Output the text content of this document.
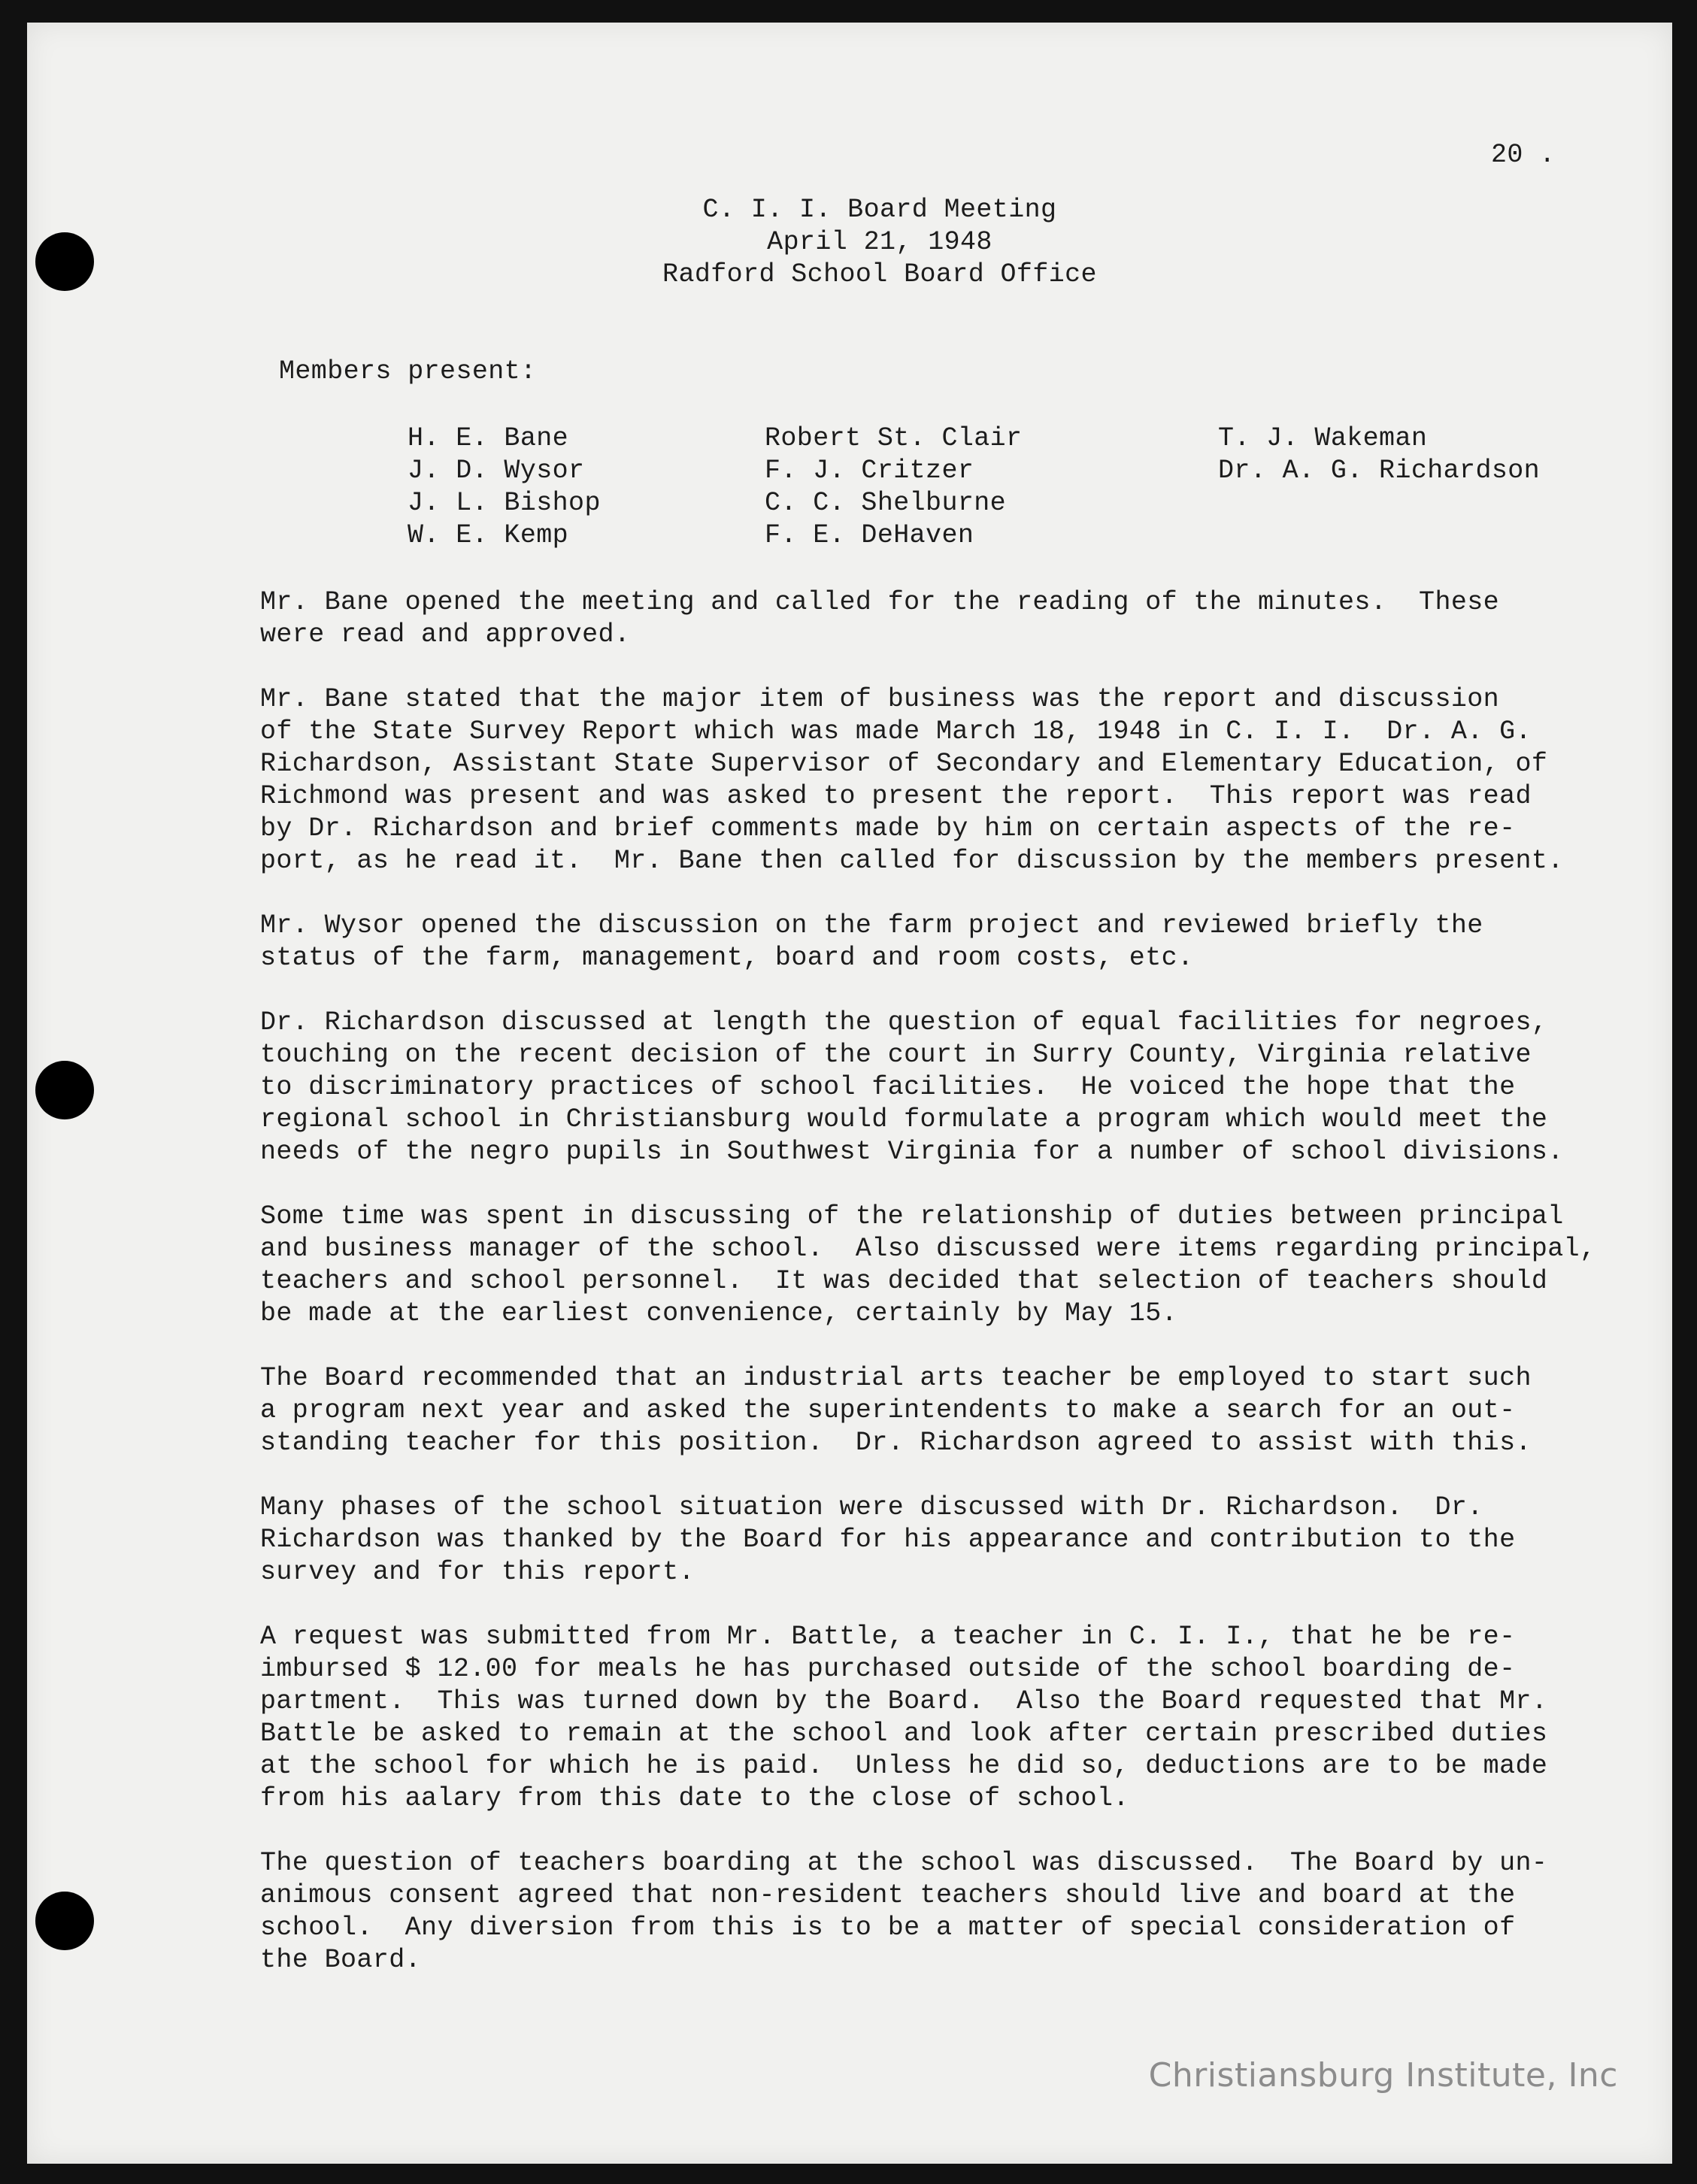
20 .
C. I. I. Board Meeting
April 21, 1948
Radford School Board Office
Members present:
H. E. Bane
J. D. Wysor
J. L. Bishop
W. E. Kemp
Robert St. Clair
F. J. Critzer
C. C. Shelburne
F. E. DeHaven
T. J. Wakeman
Dr. A. G. Richardson

Mr. Bane opened the meeting and called for the reading of the minutes.  These
were read and approved.

Mr. Bane stated that the major item of business was the report and discussion
of the State Survey Report which was made March 18, 1948 in C. I. I.  Dr. A. G.
Richardson, Assistant State Supervisor of Secondary and Elementary Education, of
Richmond was present and was asked to present the report.  This report was read
by Dr. Richardson and brief comments made by him on certain aspects of the re-
port, as he read it.  Mr. Bane then called for discussion by the members present.

Mr. Wysor opened the discussion on the farm project and reviewed briefly the
status of the farm, management, board and room costs, etc.

Dr. Richardson discussed at length the question of equal facilities for negroes,
touching on the recent decision of the court in Surry County, Virginia relative
to discriminatory practices of school facilities.  He voiced the hope that the
regional school in Christiansburg would formulate a program which would meet the
needs of the negro pupils in Southwest Virginia for a number of school divisions.

Some time was spent in discussing of the relationship of duties between principal
and business manager of the school.  Also discussed were items regarding principal,
teachers and school personnel.  It was decided that selection of teachers should
be made at the earliest convenience, certainly by May 15.

The Board recommended that an industrial arts teacher be employed to start such
a program next year and asked the superintendents to make a search for an out-
standing teacher for this position.  Dr. Richardson agreed to assist with this.

Many phases of the school situation were discussed with Dr. Richardson.  Dr.
Richardson was thanked by the Board for his appearance and contribution to the
survey and for this report.

A request was submitted from Mr. Battle, a teacher in C. I. I., that he be re-
imbursed $ 12.00 for meals he has purchased outside of the school boarding de-
partment.  This was turned down by the Board.  Also the Board requested that Mr.
Battle be asked to remain at the school and look after certain prescribed duties
at the school for which he is paid.  Unless he did so, deductions are to be made
from his aalary from this date to the close of school.

The question of teachers boarding at the school was discussed.  The Board by un-
animous consent agreed that non-resident teachers should live and board at the
school.  Any diversion from this is to be a matter of special consideration of
the Board.

Christiansburg Institute, Inc
